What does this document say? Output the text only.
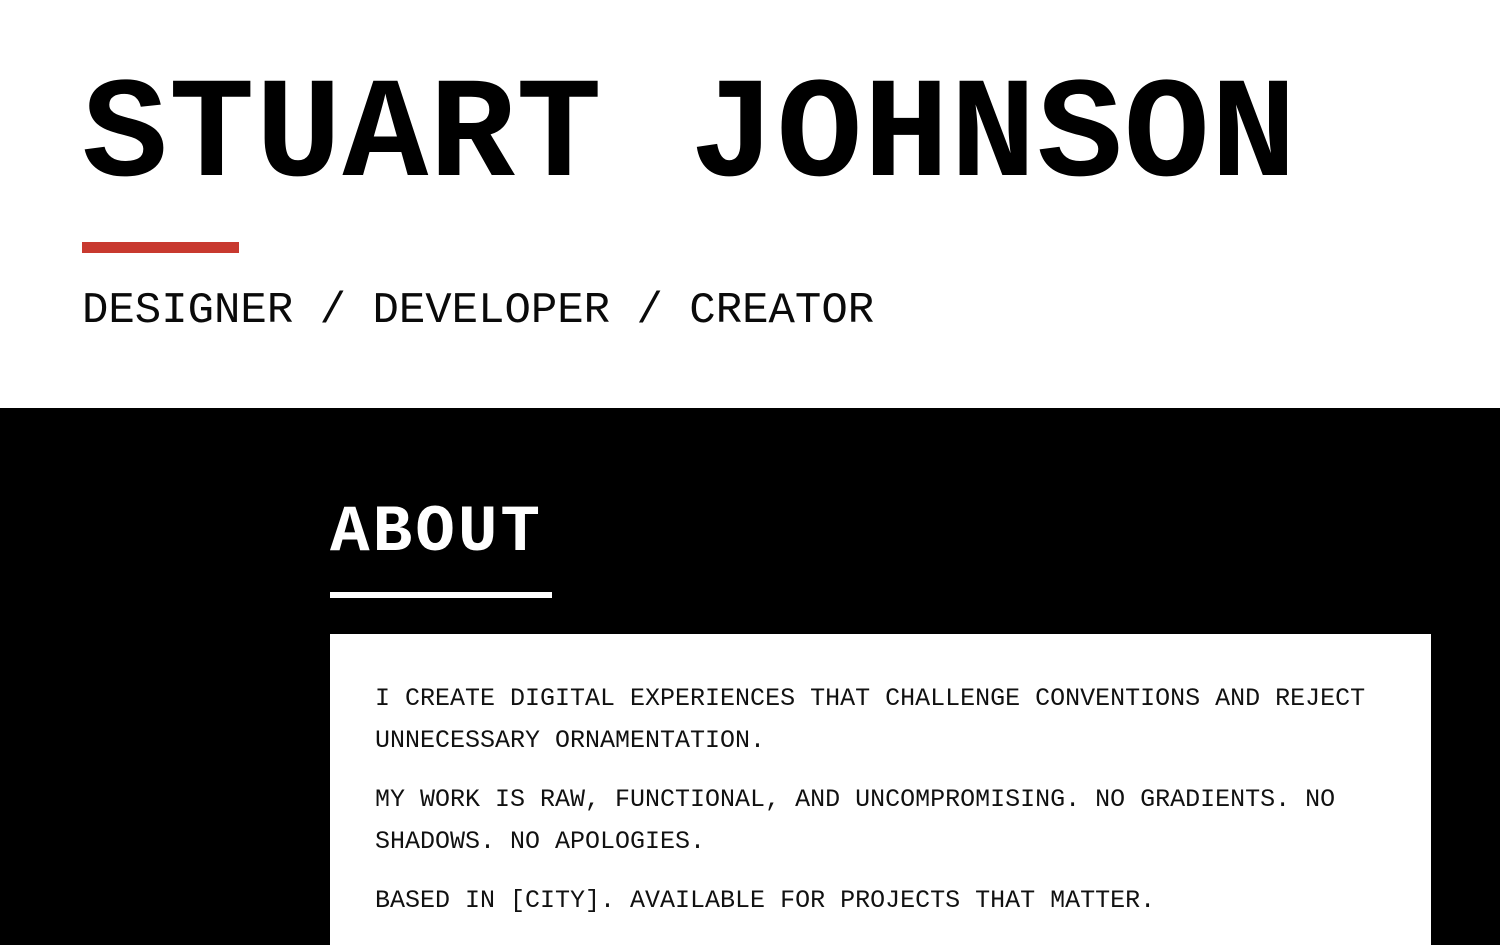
STUART JOHNSON
DESIGNER / DEVELOPER / CREATOR
ABOUT

I CREATE DIGITAL EXPERIENCES THAT CHALLENGE CONVENTIONS AND REJECT UNNECESSARY ORNAMENTATION.

MY WORK IS RAW, FUNCTIONAL, AND UNCOMPROMISING. NO GRADIENTS. NO SHADOWS. NO APOLOGIES.

BASED IN [CITY]. AVAILABLE FOR PROJECTS THAT MATTER.
